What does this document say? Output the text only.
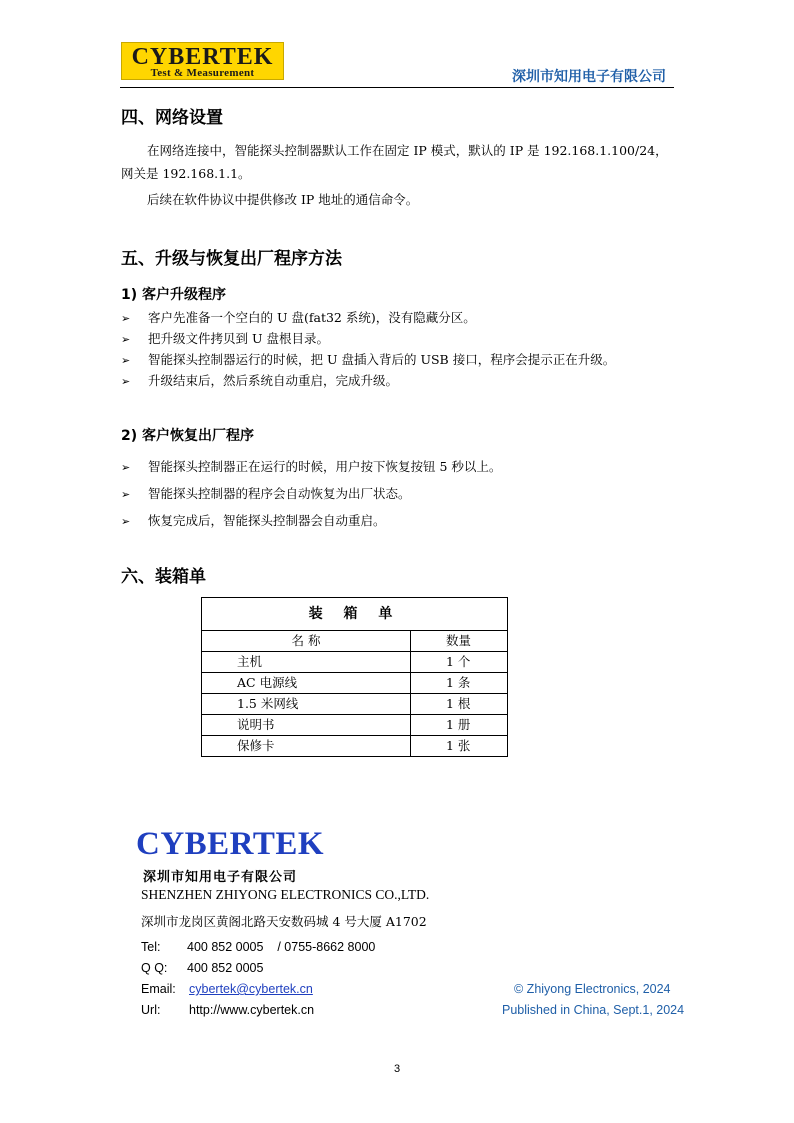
CYBERTEK
Test & Measurement	深圳市知用电子有限公司
四、网络设置
在网络连接中，智能探头控制器默认工作在固定 IP 模式，默认的 IP 是 192.168.1.100/24，
网关是 192.168.1.1。
后续在软件协议中提供修改 IP 地址的通信命令。
五、升级与恢复出厂程序方法
1) 客户升级程序
➢ 客户先准备一个空白的 U 盘(fat32 系统)，没有隐藏分区。
➢ 把升级文件拷贝到 U 盘根目录。
➢ 智能探头控制器运行的时候，把 U 盘插入背后的 USB 接口，程序会提示正在升级。
➢ 升级结束后，然后系统自动重启，完成升级。
2) 客户恢复出厂程序
➢ 智能探头控制器正在运行的时候，用户按下恢复按钮 5 秒以上。
➢ 智能探头控制器的程序会自动恢复为出厂状态。
➢ 恢复完成后，智能探头控制器会自动重启。
六、装箱单
装 箱 单	
名 称	数量
主机	1 个
AC 电源线	1 条
1.5 米网线	1 根
说明书	1 册
保修卡	1 张
CYBERTEK
深圳市知用电子有限公司
SHENZHEN ZHIYONG ELECTRONICS CO.,LTD.
深圳市龙岗区黄阁北路天安数码城 4 号大厦 A1702
Tel: 400 852 0005    / 0755-8662 8000
Q Q: 400 852 0005
Email: cybertek@cybertek.cn
Url: http://www.cybertek.cn
© Zhiyong Electronics, 2024
Published in China, Sept.1, 2024
3
